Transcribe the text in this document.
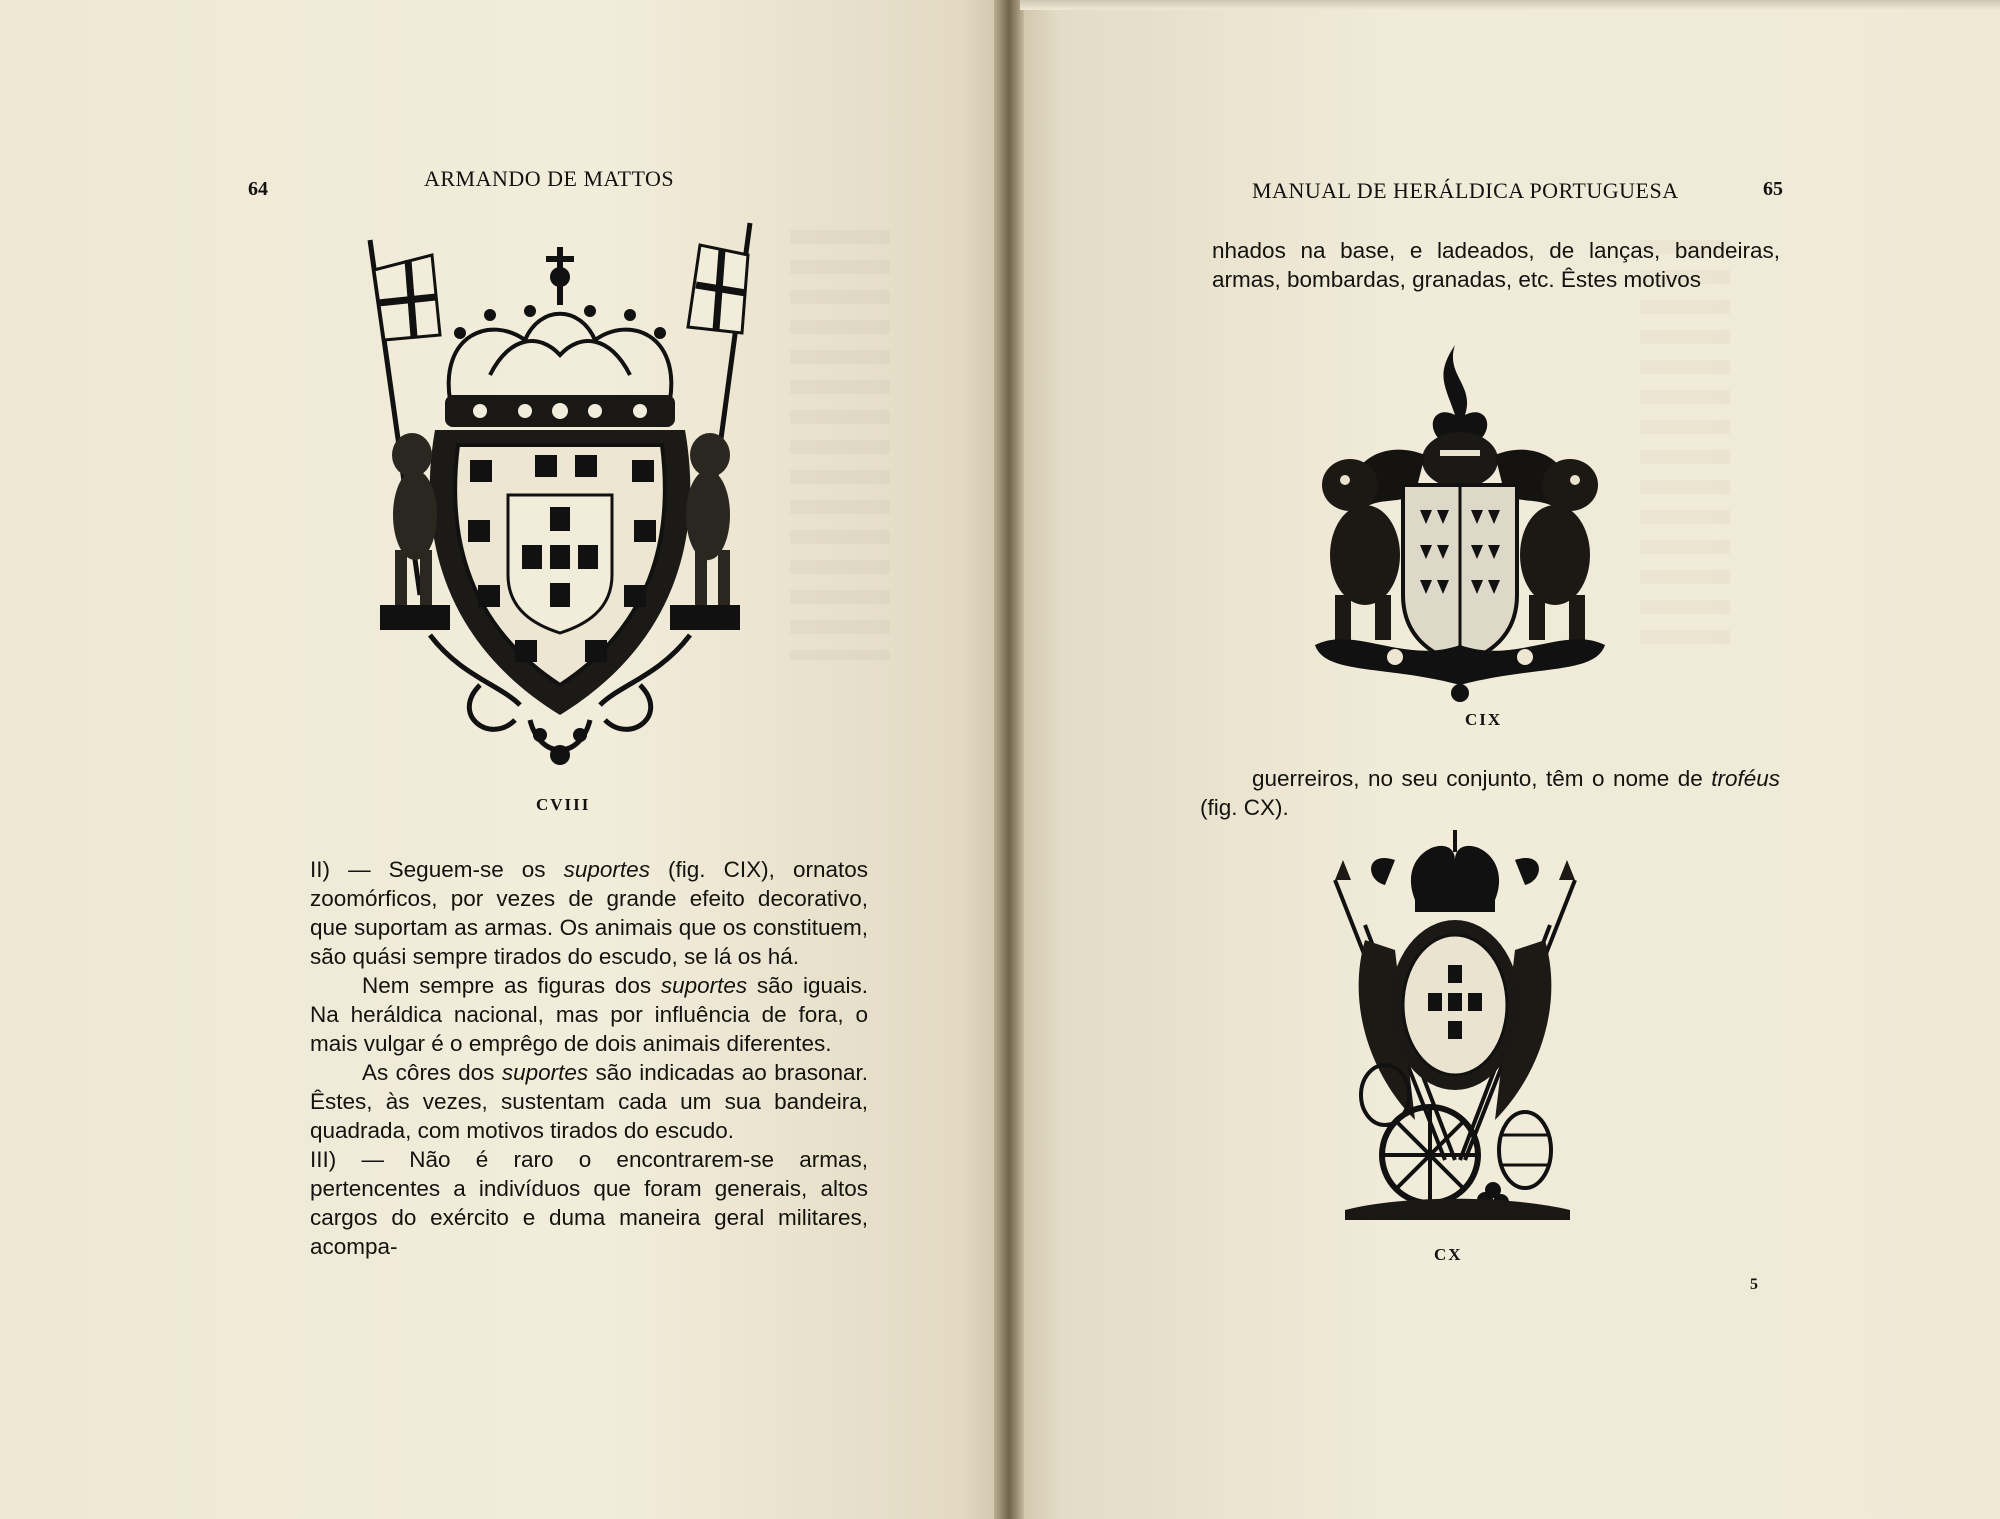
64	ARMANDO DE MATTOS
CVIII

II) — Seguem-se os suportes (fig. CIX), ornatos zoomórficos, por vezes de grande efeito decorativo, que suportam as armas. Os animais que os constituem, são quási sempre tirados do escudo, se lá os há.

Nem sempre as figuras dos suportes são iguais. Na heráldica nacional, mas por influência de fora, o mais vulgar é o emprêgo de dois animais diferentes.

As côres dos suportes são indicadas ao brasonar. Êstes, às vezes, sustentam cada um sua bandeira, quadrada, com motivos tirados do escudo.

III) — Não é raro o encontrarem-se armas, pertencentes a indivíduos que foram generais, altos cargos do exército e duma maneira geral militares, acompa-

MANUAL DE HERÁLDICA PORTUGUESA	65

nhados na base, e ladeados, de lanças, bandeiras, armas, bombardas, granadas, etc. Êstes motivos

CIX

guerreiros, no seu conjunto, têm o nome de troféus (fig. CX).

CX
5
